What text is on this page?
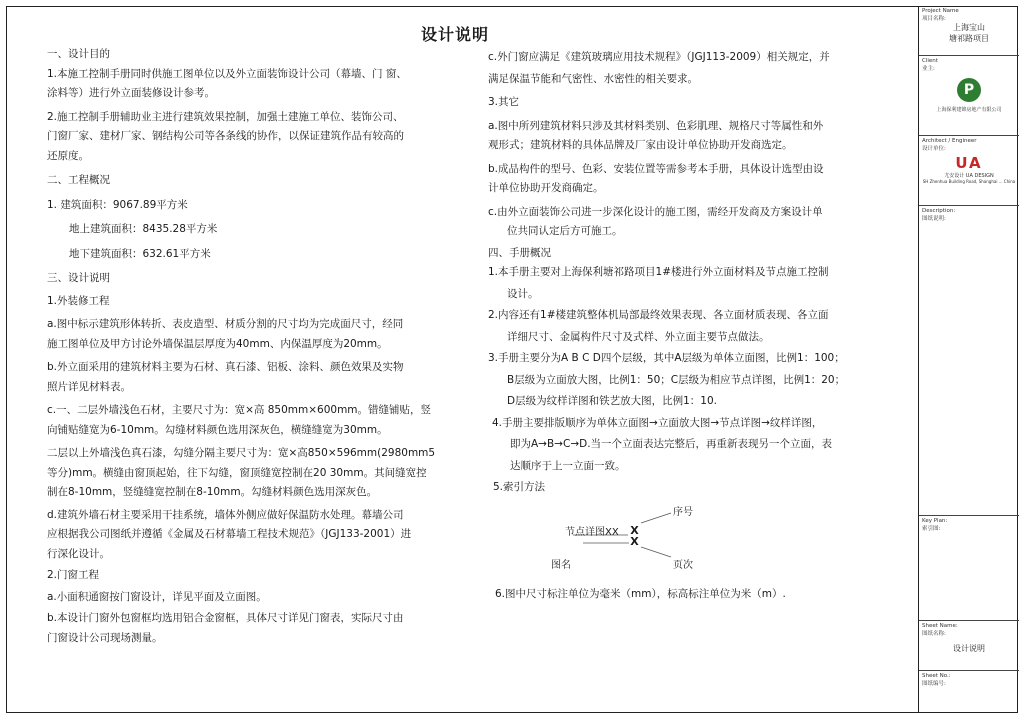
设计说明

一、设计目的

1.本施工控制手册同时供施工图单位以及外立面装饰设计公司（幕墙、门 窗、

涂料等）进行外立面装修设计参考。

2.施工控制手册辅助业主进行建筑效果控制，加强土建施工单位、装饰公司、

门窗厂家、建材厂家、钢结构公司等各条线的协作，以保证建筑作品有较高的

还原度。

二、工程概况

1. 建筑面积：9067.89平方米

地上建筑面积：8435.28平方米

地下建筑面积：632.61平方米

三、设计说明

1.外装修工程

a.图中标示建筑形体转折、表皮造型、材质分割的尺寸均为完成面尺寸，经同

施工图单位及甲方讨论外墙保温层厚度为40mm、内保温厚度为20mm。

b.外立面采用的建筑材料主要为石材、真石漆、铝板、涂料、颜色效果及实物

照片详见材料表。

c.一、二层外墙浅色石材，主要尺寸为：宽×高 850mm×600mm。错缝铺贴，竖

向铺贴缝宽为6-10mm。勾缝材料颜色选用深灰色，横缝缝宽为30mm。

二层以上外墙浅色真石漆，勾缝分隔主要尺寸为：宽×高850×596mm(2980mm5

等分)mm。横缝由窗顶起始，往下勾缝，窗顶缝宽控制在20 30mm。其间缝宽控

制在8-10mm，竖缝缝宽控制在8-10mm。勾缝材料颜色选用深灰色。

d.建筑外墙石材主要采用干挂系统，墙体外侧应做好保温防水处理。幕墙公司

应根据我公司图纸并遵循《金属及石材幕墙工程技术规范》（JGJ133-2001）进

行深化设计。

2.门窗工程

a.小面积通窗按门窗设计，详见平面及立面图。

b.本设计门窗外包窗框均选用铝合金窗框，具体尺寸详见门窗表，实际尺寸由

门窗设计公司现场测量。

c.外门窗应满足《建筑玻璃应用技术规程》（JGJ113-2009）相关规定，并

满足保温节能和气密性、水密性的相关要求。

3.其它

a.图中所列建筑材料只涉及其材料类别、色彩肌理、规格尺寸等属性和外

观形式；建筑材料的具体品牌及厂家由设计单位协助开发商选定。

b.成品构件的型号、色彩、安装位置等需参考本手册，具体设计选型由设

计单位协助开发商确定。

c.由外立面装饰公司进一步深化设计的施工图，需经开发商及方案设计单

位共同认定后方可施工。

四、手册概况

1.本手册主要对上海保利塘祁路项目1#楼进行外立面材料及节点施工控制

设计。

2.内容还有1#楼建筑整体机局部最终效果表现、各立面材质表现、各立面

详细尺寸、金属构件尺寸及式样、外立面主要节点做法。

3.手册主要分为A B C D四个层级，其中A层级为单体立面图，比例1：100；

B层级为立面放大图，比例1：50；C层级为相应节点详图，比例1：20；

D层级为纹样详图和铁艺放大图，比例1：10.

4.手册主要排版顺序为单体立面图→立面放大图→节点详图→纹样详图，

即为A→B→C→D.当一个立面表达完整后，再重新表现另一个立面，表

达顺序于上一立面一致。

5.索引方法

序号
节点详图XX X
X
图名	页次
6.图中尺寸标注单位为毫米（mm），标高标注单位为米（m）.
Project Name
项目名称:
上海宝山
塘祁路项目
Client
业主:
P
上海保利建锦房地产有限公司
Architect / Engineer
设计单位:
UA
尤安设计 UA DESIGN
SH Zhenhua Building Road, Shanghai ... China
Description:
图纸说明:
Key Plan:
索引图:
Sheet Name:
图纸名称:
设计说明
Sheet No.:
图纸编号:
